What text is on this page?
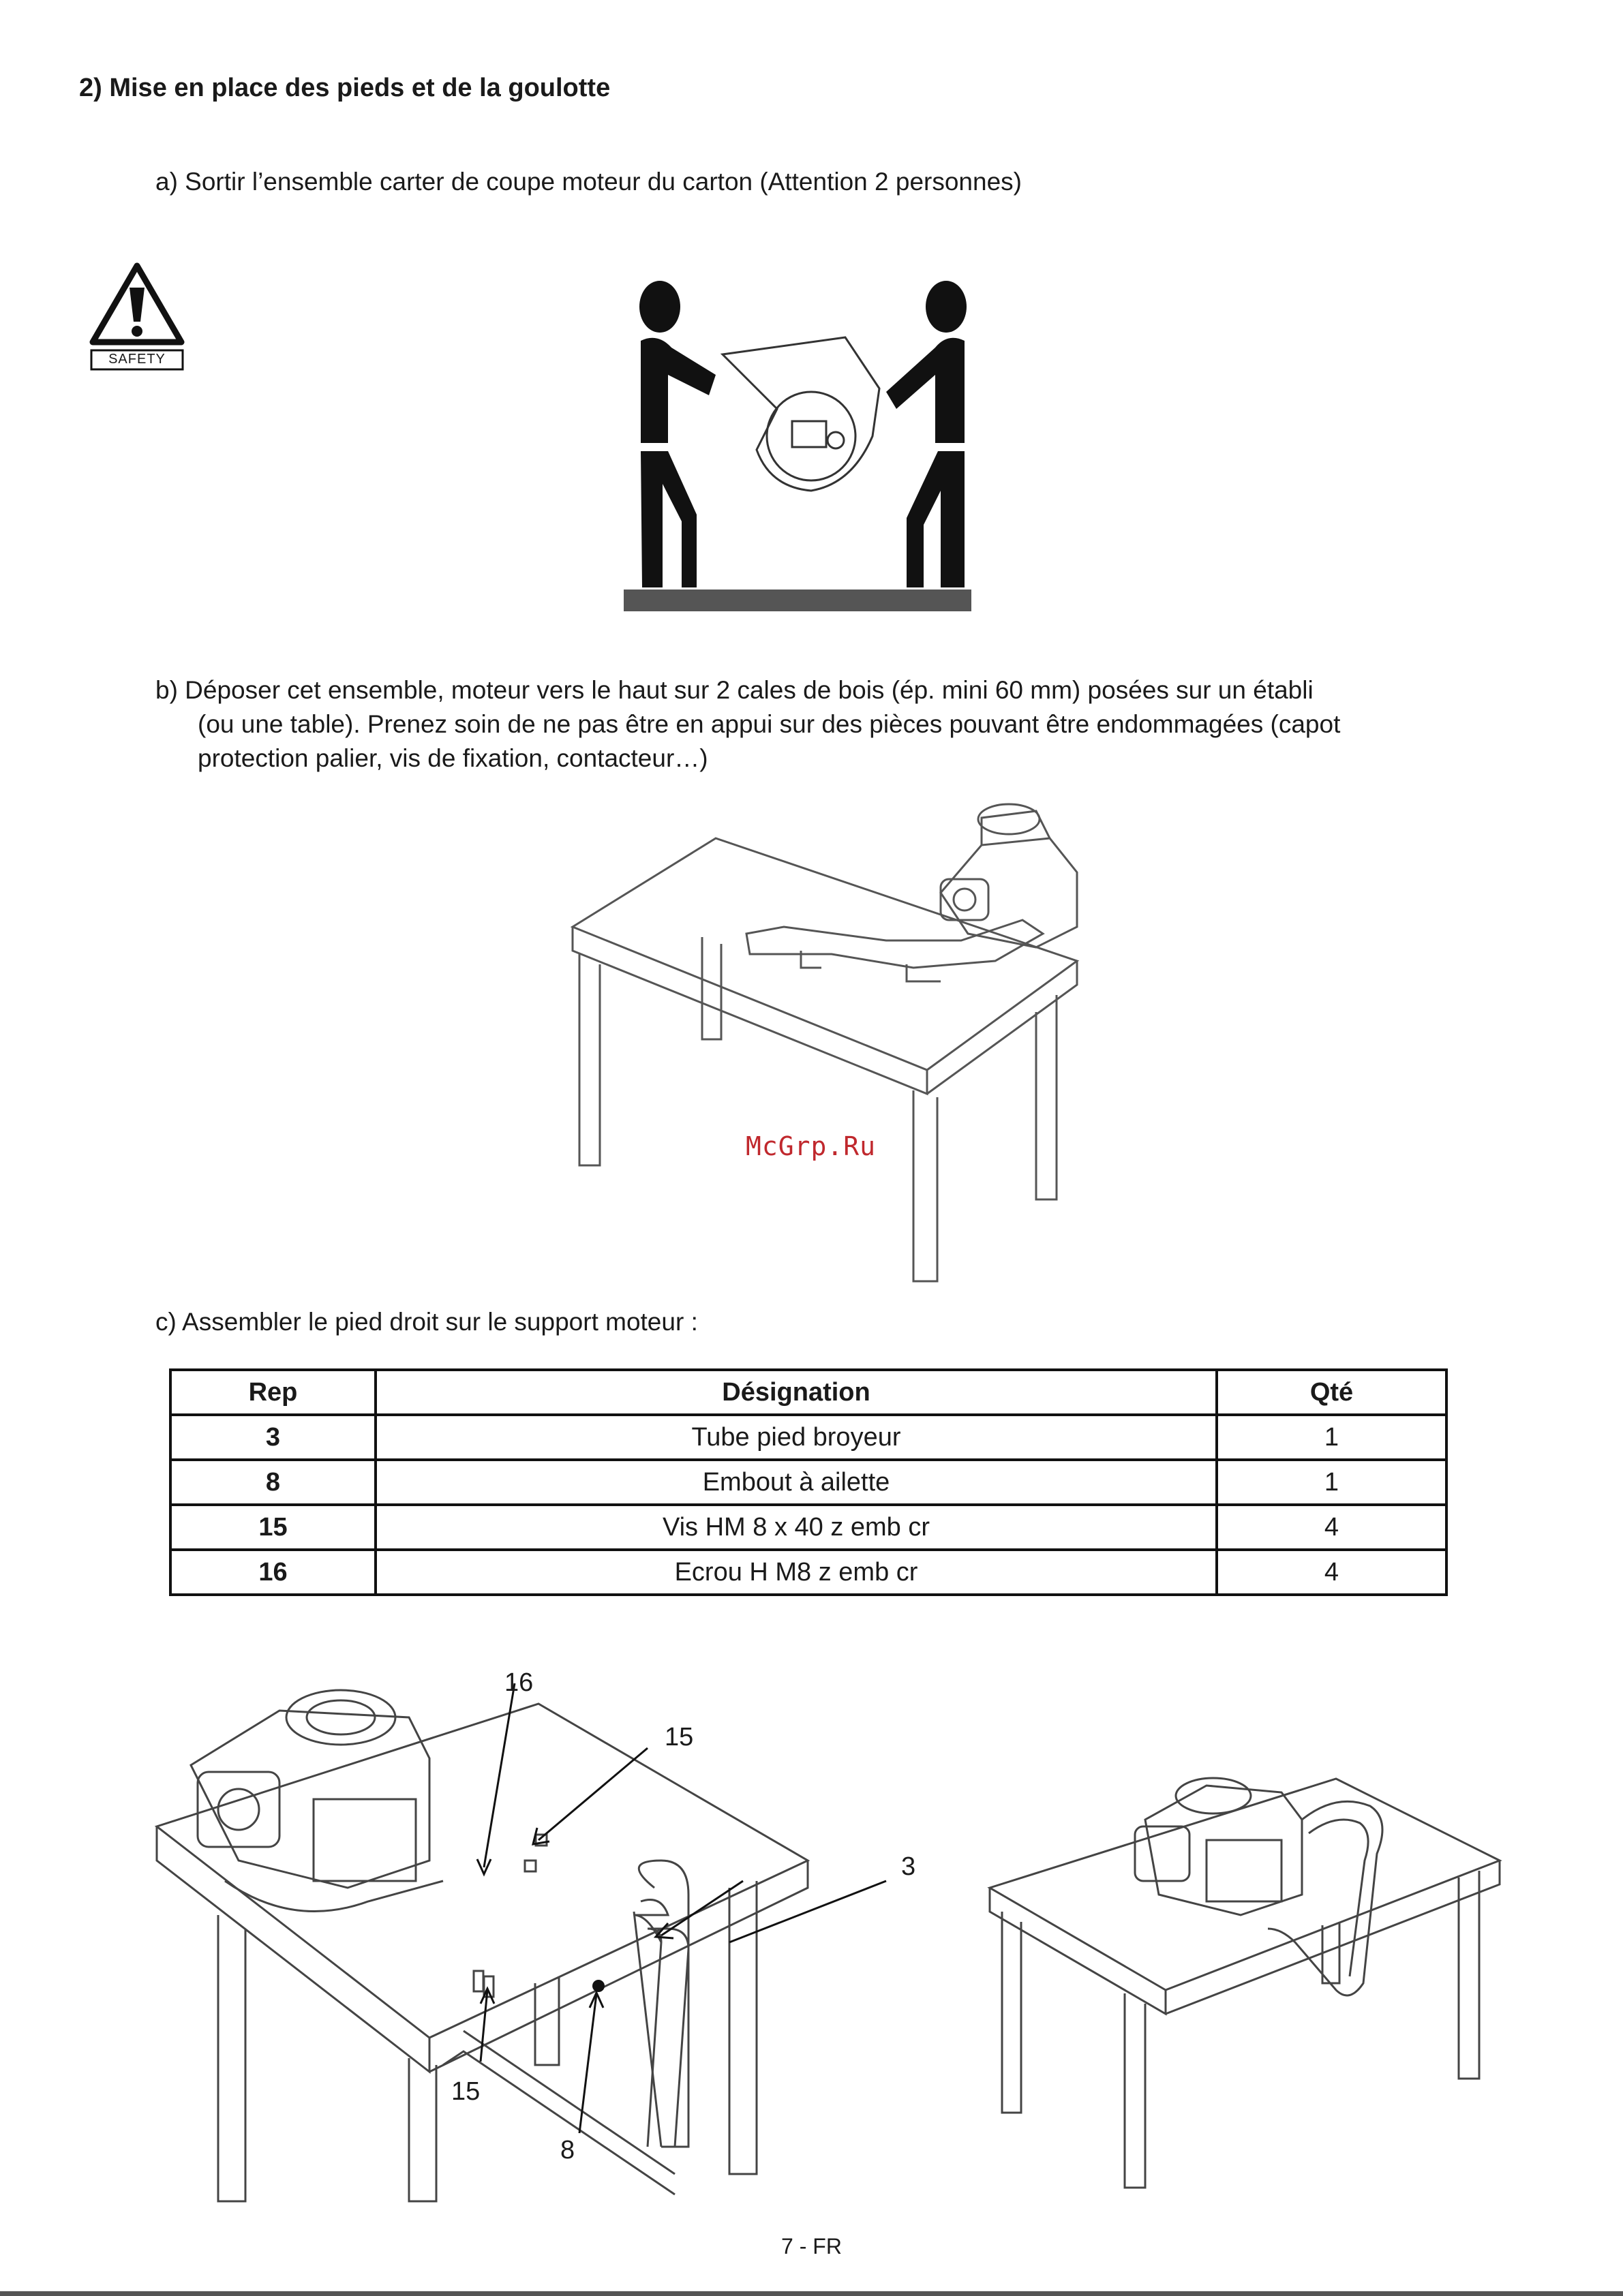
2) Mise en place des pieds et de la goulotte
a) Sortir l’ensemble carter de coupe moteur du carton (Attention 2 personnes)
SAFETY
b) Déposer cet ensemble, moteur vers le haut sur 2 cales de bois (ép. mini 60 mm) posées sur un établi
(ou une table). Prenez soin de ne pas être en appui sur des pièces pouvant être endommagées (capot
protection palier, vis de fixation, contacteur…)
McGrp.Ru
c) Assembler le pied droit sur le support moteur :
Rep	Désignation	Qté
3	Tube pied broyeur	1
8	Embout à ailette	1
15	Vis HM 8 x 40 z emb cr	4
16	Ecrou H M8 z emb cr	4
16
15
3
15
8
7 - FR
